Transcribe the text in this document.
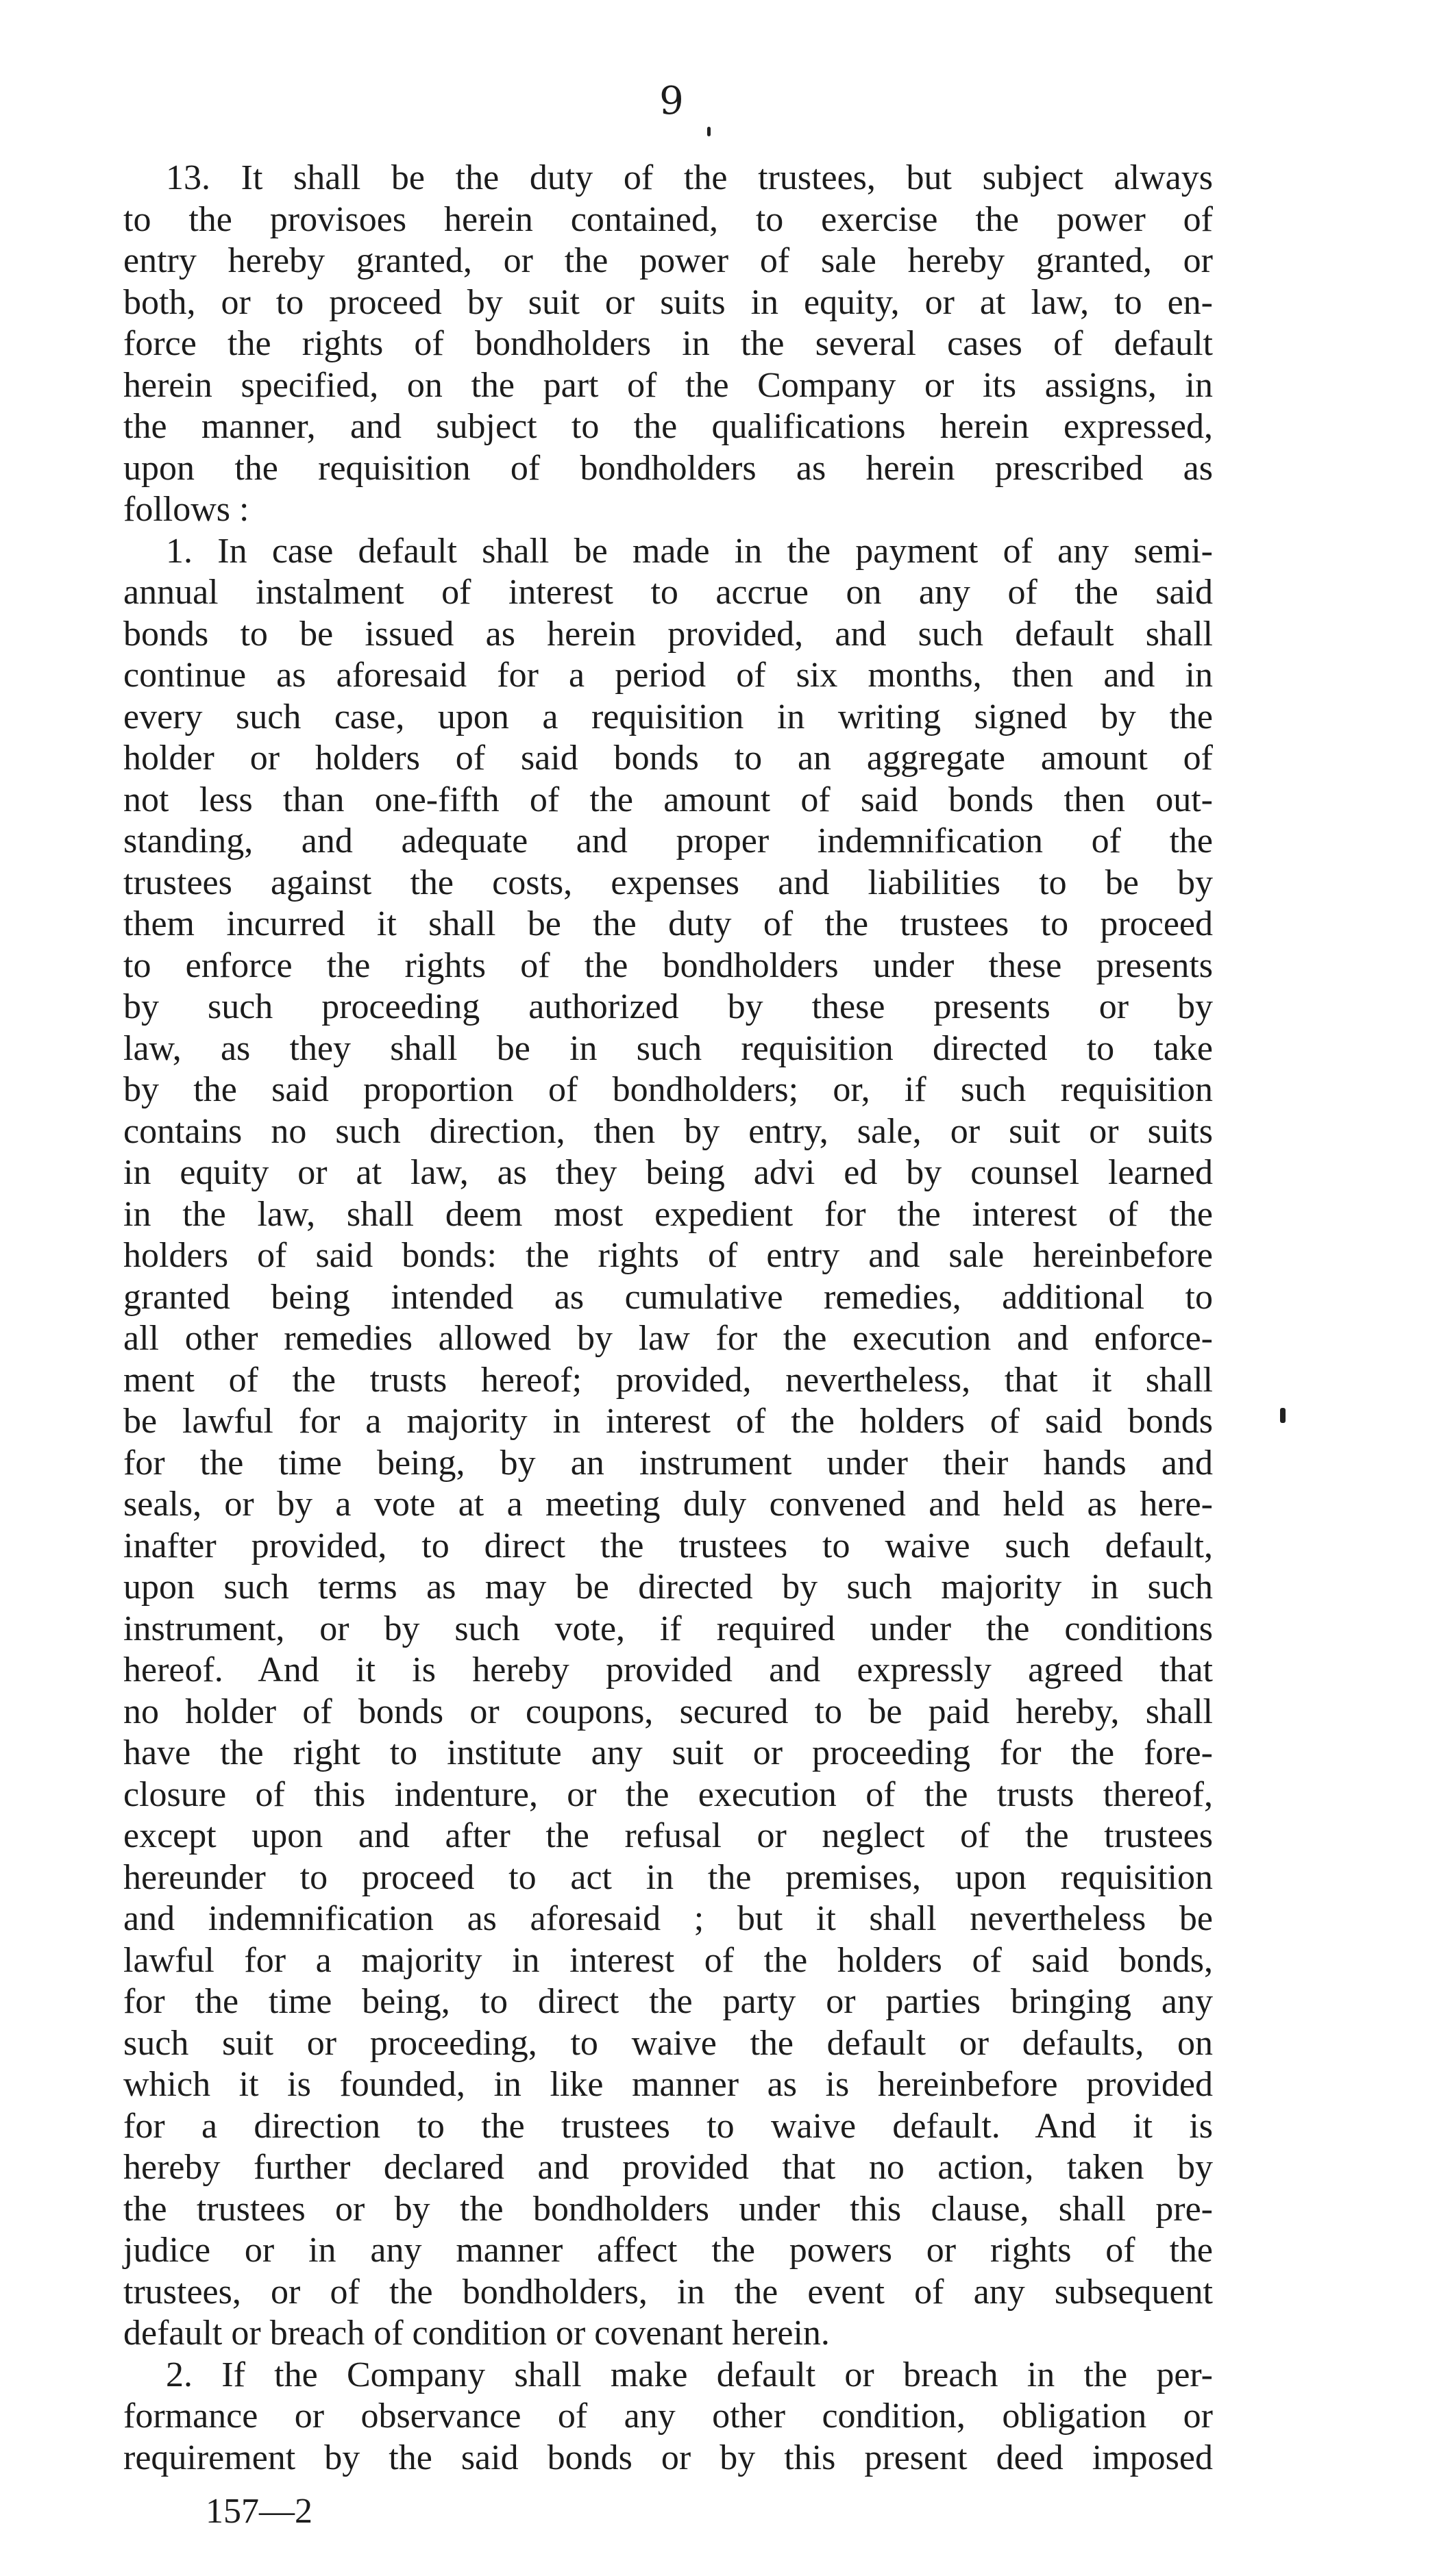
9
13. It shall be the duty of the trustees, but subject always
to the provisoes herein contained, to exercise the power of
entry hereby granted, or the power of sale hereby granted, or
both, or to proceed by suit or suits in equity, or at law, to en-
force the rights of bondholders in the several cases of default
herein specified, on the part of the Company or its assigns, in
the manner, and subject to the qualifications herein expressed,
upon the requisition of bondholders as herein prescribed as
follows :
1. In case default shall be made in the payment of any semi-
annual instalment of interest to accrue on any of the said
bonds to be issued as herein provided, and such default shall
continue as aforesaid for a period of six months, then and in
every such case, upon a requisition in writing signed by the
holder or holders of said bonds to an aggregate amount of
not less than one-fifth of the amount of said bonds then out-
standing, and adequate and proper indemnification of the
trustees against the costs, expenses and liabilities to be by
them incurred it shall be the duty of the trustees to proceed
to enforce the rights of the bondholders under these presents
by such proceeding authorized by these presents or by
law, as they shall be in such requisition directed to take
by the said proportion of bondholders; or, if such requisition
contains no such direction, then by entry, sale, or suit or suits
in equity or at law, as they being advi ed by counsel learned
in the law, shall deem most expedient for the interest of the
holders of said bonds: the rights of entry and sale hereinbefore
granted being intended as cumulative remedies, additional to
all other remedies allowed by law for the execution and enforce-
ment of the trusts hereof; provided, nevertheless, that it shall
be lawful for a majority in interest of the holders of said bonds
for the time being, by an instrument under their hands and
seals, or by a vote at a meeting duly convened and held as here-
inafter provided, to direct the trustees to waive such default,
upon such terms as may be directed by such majority in such
instrument, or by such vote, if required under the conditions
hereof. And it is hereby provided and expressly agreed that
no holder of bonds or coupons, secured to be paid hereby, shall
have the right to institute any suit or proceeding for the fore-
closure of this indenture, or the execution of the trusts thereof,
except upon and after the refusal or neglect of the trustees
hereunder to proceed to act in the premises, upon requisition
and indemnification as aforesaid ; but it shall nevertheless be
lawful for a majority in interest of the holders of said bonds,
for the time being, to direct the party or parties bringing any
such suit or proceeding, to waive the default or defaults, on
which it is founded, in like manner as is hereinbefore provided
for a direction to the trustees to waive default. And it is
hereby further declared and provided that no action, taken by
the trustees or by the bondholders under this clause, shall pre-
judice or in any manner affect the powers or rights of the
trustees, or of the bondholders, in the event of any subsequent
default or breach of condition or covenant herein.
2. If the Company shall make default or breach in the per-
formance or observance of any other condition, obligation or
requirement by the said bonds or by this present deed imposed
157—2
